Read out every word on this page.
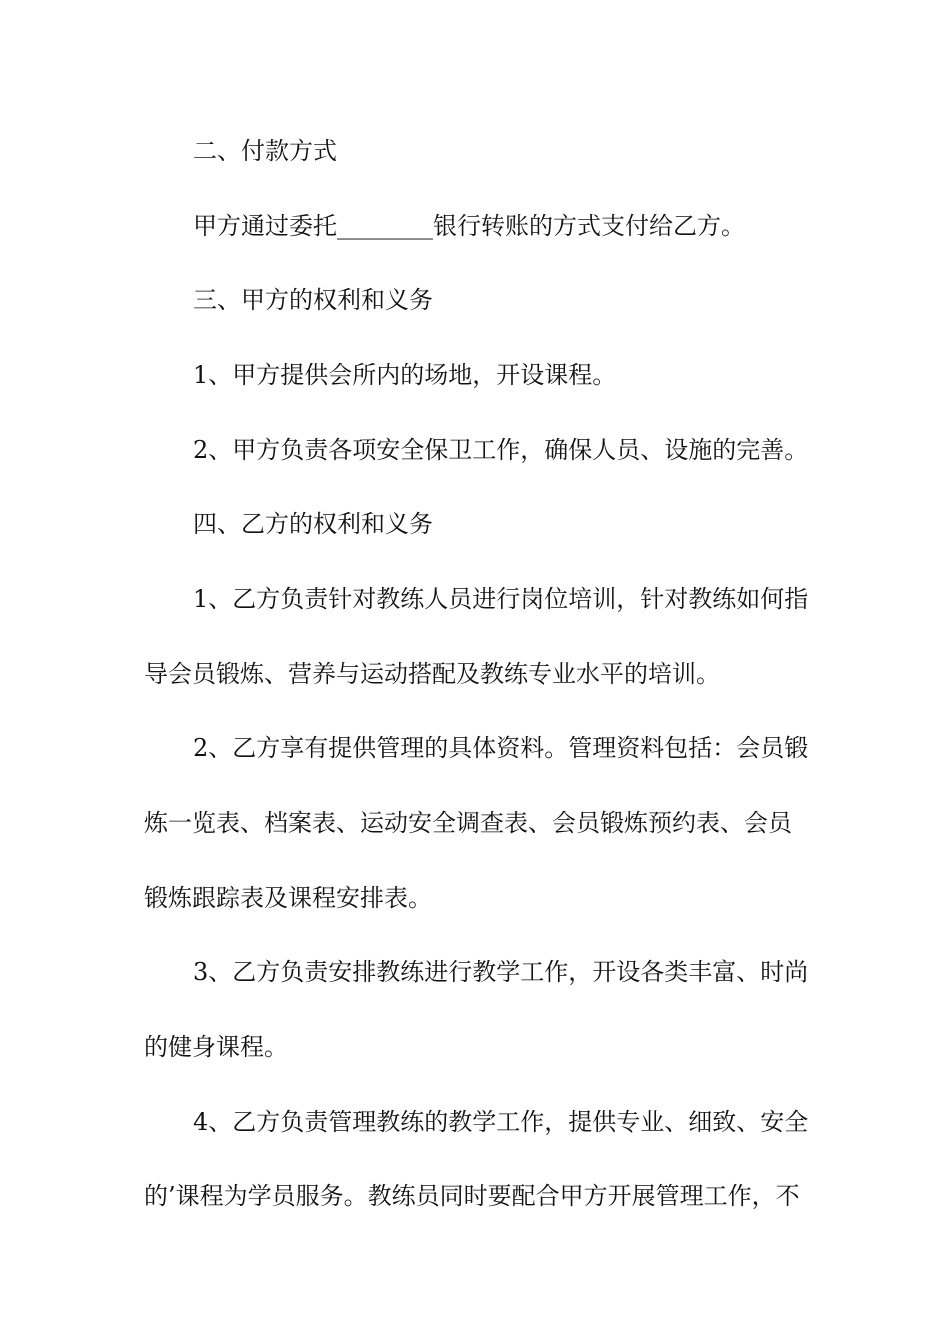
二、付款方式
甲方通过委托________银行转账的方式支付给乙方。
三、甲方的权利和义务
1、甲方提供会所内的场地，开设课程。
2、甲方负责各项安全保卫工作，确保人员、设施的完善。
四、乙方的权利和义务
1、乙方负责针对教练人员进行岗位培训，针对教练如何指
导会员锻炼、营养与运动搭配及教练专业水平的培训。
2、乙方享有提供管理的具体资料。管理资料包括：会员锻
炼一览表、档案表、运动安全调查表、会员锻炼预约表、会员
锻炼跟踪表及课程安排表。
3、乙方负责安排教练进行教学工作，开设各类丰富、时尚
的健身课程。
4、乙方负责管理教练的教学工作，提供专业、细致、安全
的’课程为学员服务。教练员同时要配合甲方开展管理工作，不
